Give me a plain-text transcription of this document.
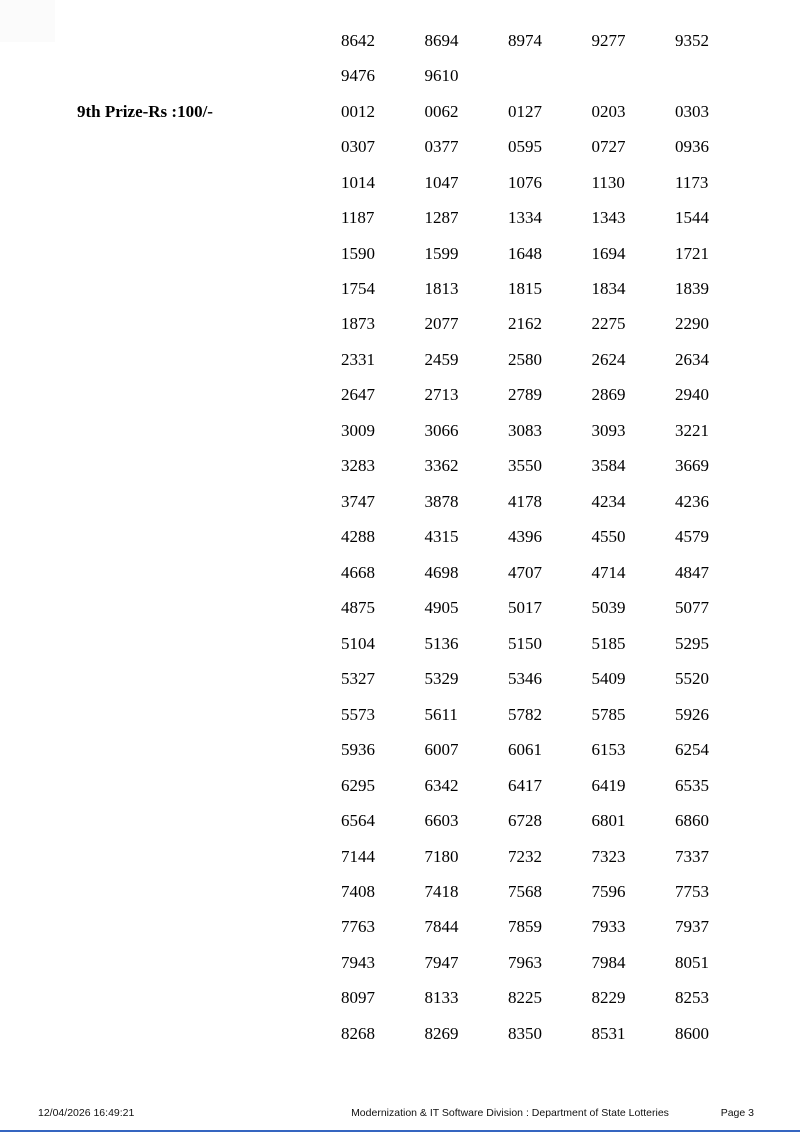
8642	8694	8974	9277	9352
9476	9610
9th Prize-Rs :100/-	0012	0062	0127	0203	0303
0307	0377	0595	0727	0936
1014	1047	1076	1130	1173
1187	1287	1334	1343	1544
1590	1599	1648	1694	1721
1754	1813	1815	1834	1839
1873	2077	2162	2275	2290
2331	2459	2580	2624	2634
2647	2713	2789	2869	2940
3009	3066	3083	3093	3221
3283	3362	3550	3584	3669
3747	3878	4178	4234	4236
4288	4315	4396	4550	4579
4668	4698	4707	4714	4847
4875	4905	5017	5039	5077
5104	5136	5150	5185	5295
5327	5329	5346	5409	5520
5573	5611	5782	5785	5926
5936	6007	6061	6153	6254
6295	6342	6417	6419	6535
6564	6603	6728	6801	6860
7144	7180	7232	7323	7337
7408	7418	7568	7596	7753
7763	7844	7859	7933	7937
7943	7947	7963	7984	8051
8097	8133	8225	8229	8253
8268	8269	8350	8531	8600
12/04/2026 16:49:21	Modernization & IT Software Division : Department of State Lotteries	Page 3
